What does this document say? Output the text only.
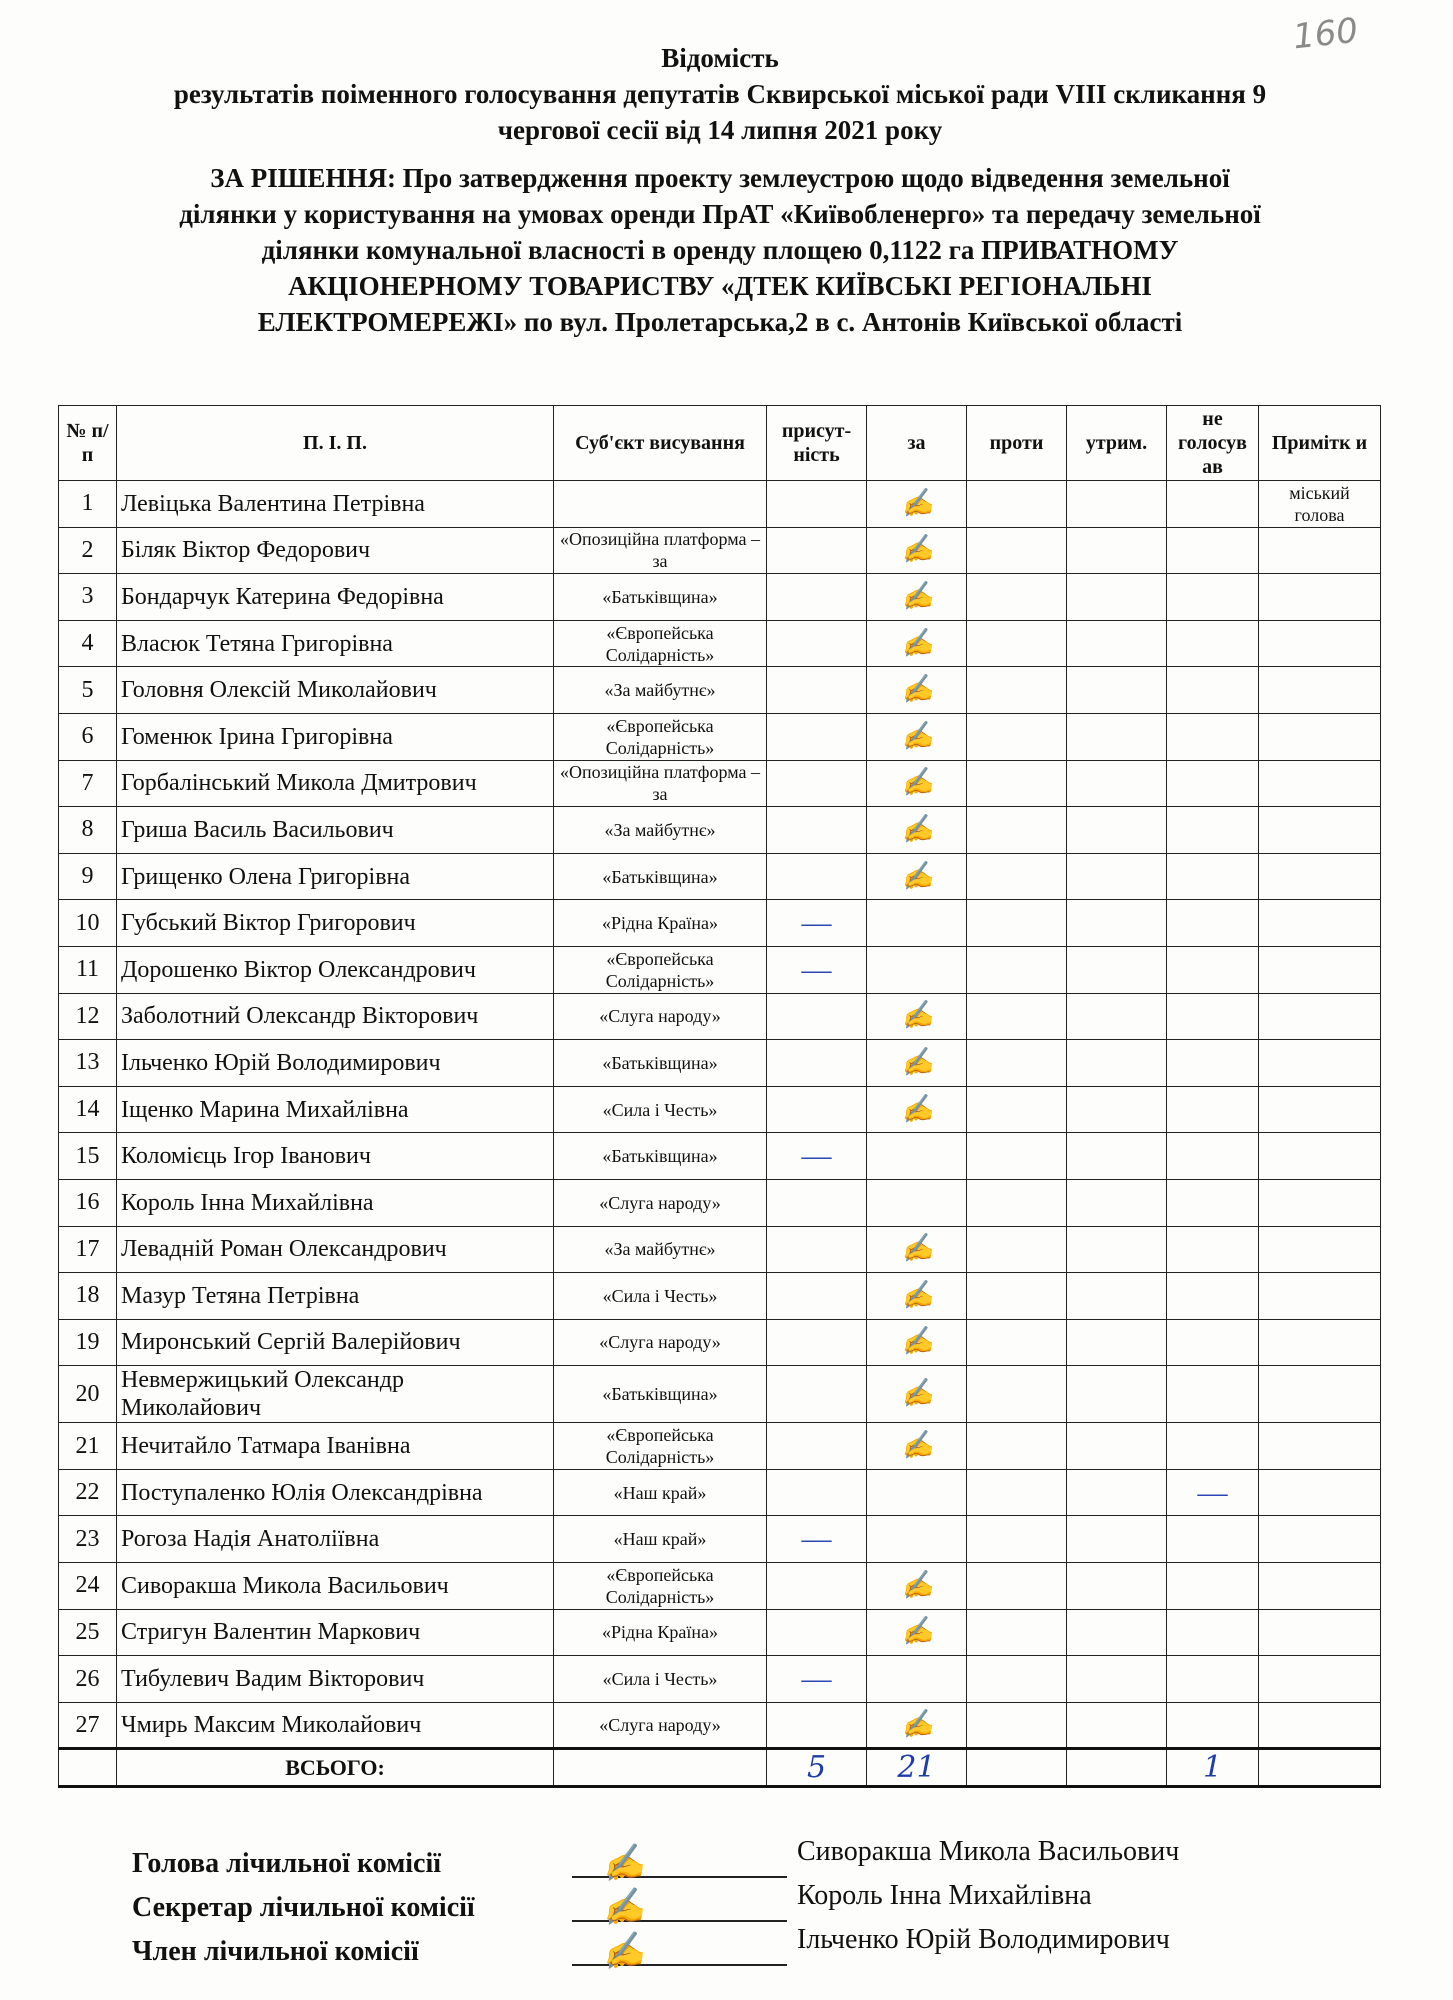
160
Відомість
результатів поіменного голосування депутатів Сквирської міської ради VIII скликання 9
чергової сесії від 14 липня 2021 року
ЗА РІШЕННЯ: Про затвердження проекту землеустрою щодо відведення земельної
ділянки у користування на умовах оренди ПрАТ «Київобленерго» та передачу земельної
ділянки комунальної власності в оренду площею 0,1122 га ПРИВАТНОМУ
АКЦІОНЕРНОМУ ТОВАРИСТВУ «ДТЕК КИЇВСЬКІ РЕГІОНАЛЬНІ
ЕЛЕКТРОМЕРЕЖІ» по вул. Пролетарська,2 в с. Антонів Київської області
№ п/п	П. І. П.	Суб'єкт висування	присут-ність	за	проти	утрим.	не голосув ав	Примітк и
1	Левіцька Валентина Петрівна			✍				міський голова
2	Біляк Віктор Федорович	«Опозиційна платформа – за		✍				
3	Бондарчук Катерина Федорівна	«Батьківщина»		✍				
4	Власюк Тетяна Григорівна	«Європейська Солідарність»		✍				
5	Головня Олексій Миколайович	«За майбутнє»		✍				
6	Гоменюк Ірина Григорівна	«Європейська Солідарність»		✍				
7	Горбалінський Микола Дмитрович	«Опозиційна платформа – за		✍				
8	Гриша Василь Васильович	«За майбутнє»		✍				
9	Грищенко Олена Григорівна	«Батьківщина»		✍				
10	Губський Віктор Григорович	«Рідна Країна»	—					
11	Дорошенко Віктор Олександрович	«Європейська Солідарність»	—					
12	Заболотний Олександр Вікторович	«Слуга народу»		✍				
13	Ільченко Юрій Володимирович	«Батьківщина»		✍				
14	Іщенко Марина Михайлівна	«Сила і Честь»		✍				
15	Коломієць Ігор Іванович	«Батьківщина»	—					
16	Король Інна Михайлівна	«Слуга народу»						
17	Левадній Роман Олександрович	«За майбутнє»		✍				
18	Мазур Тетяна Петрівна	«Сила і Честь»		✍				
19	Миронський Сергій Валерійович	«Слуга народу»		✍				
20	Невмержицький Олександр Миколайович	«Батьківщина»		✍				
21	Нечитайло Татмара Іванівна	«Європейська Солідарність»		✍				
22	Поступаленко Юлія Олександрівна	«Наш край»					—	
23	Рогоза Надія Анатоліївна	«Наш край»	—					
24	Сиворакша Микола Васильович	«Європейська Солідарність»		✍				
25	Стригун Валентин Маркович	«Рідна Країна»		✍				
26	Тибулевич Вадим Вікторович	«Сила і Честь»	—					
27	Чмирь Максим Миколайович	«Слуга народу»		✍				
	ВСЬОГО:		5	21			1	
Голова лічильної комісії	✍	Сиворакша Микола Васильович
Секретар лічильної комісії	✍	Король Інна Михайлівна
Член лічильної комісії	✍	Ільченко Юрій Володимирович
